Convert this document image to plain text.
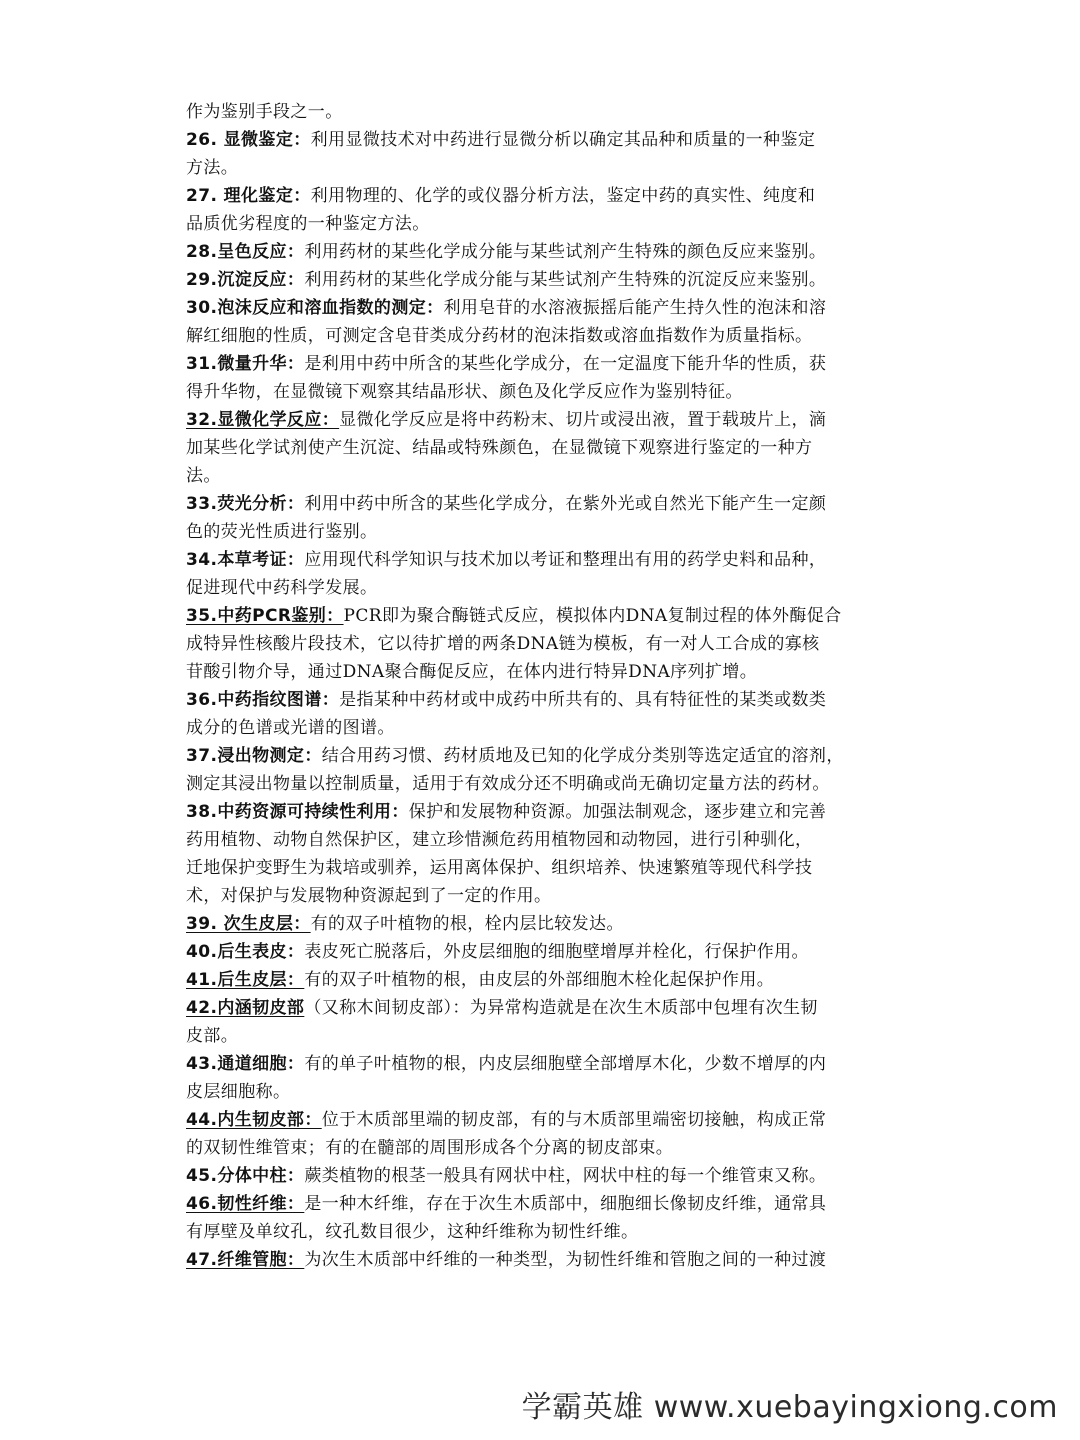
作为鉴别手段之一。
26. 显微鉴定：利用显微技术对中药进行显微分析以确定其品种和质量的一种鉴定
方法。
27. 理化鉴定：利用物理的、化学的或仪器分析方法，鉴定中药的真实性、纯度和
品质优劣程度的一种鉴定方法。
28.呈色反应：利用药材的某些化学成分能与某些试剂产生特殊的颜色反应来鉴别。
29.沉淀反应：利用药材的某些化学成分能与某些试剂产生特殊的沉淀反应来鉴别。
30.泡沫反应和溶血指数的测定：利用皂苷的水溶液振摇后能产生持久性的泡沫和溶
解红细胞的性质，可测定含皂苷类成分药材的泡沫指数或溶血指数作为质量指标。
31.微量升华：是利用中药中所含的某些化学成分，在一定温度下能升华的性质，获
得升华物，在显微镜下观察其结晶形状、颜色及化学反应作为鉴别特征。
32.显微化学反应：显微化学反应是将中药粉末、切片或浸出液，置于载玻片上，滴
加某些化学试剂使产生沉淀、结晶或特殊颜色，在显微镜下观察进行鉴定的一种方
法。
33.荧光分析：利用中药中所含的某些化学成分，在紫外光或自然光下能产生一定颜
色的荧光性质进行鉴别。
34.本草考证：应用现代科学知识与技术加以考证和整理出有用的药学史料和品种，
促进现代中药科学发展。
35.中药PCR鉴别：PCR即为聚合酶链式反应，模拟体内DNA复制过程的体外酶促合
成特异性核酸片段技术，它以待扩增的两条DNA链为模板，有一对人工合成的寡核
苷酸引物介导，通过DNA聚合酶促反应，在体内进行特异DNA序列扩增。
36.中药指纹图谱：是指某种中药材或中成药中所共有的、具有特征性的某类或数类
成分的色谱或光谱的图谱。
37.浸出物测定：结合用药习惯、药材质地及已知的化学成分类别等选定适宜的溶剂，
测定其浸出物量以控制质量，适用于有效成分还不明确或尚无确切定量方法的药材。
38.中药资源可持续性利用：保护和发展物种资源。加强法制观念，逐步建立和完善
药用植物、动物自然保护区，建立珍惜濒危药用植物园和动物园，进行引种驯化，
迁地保护变野生为栽培或驯养，运用离体保护、组织培养、快速繁殖等现代科学技
术，对保护与发展物种资源起到了一定的作用。
39. 次生皮层：有的双子叶植物的根，栓内层比较发达。
40.后生表皮：表皮死亡脱落后，外皮层细胞的细胞壁增厚并栓化，行保护作用。
41.后生皮层：有的双子叶植物的根，由皮层的外部细胞木栓化起保护作用。
42.内涵韧皮部（又称木间韧皮部）：为异常构造就是在次生木质部中包埋有次生韧
皮部。
43.通道细胞：有的单子叶植物的根，内皮层细胞壁全部增厚木化，少数不增厚的内
皮层细胞称。
44.内生韧皮部：位于木质部里端的韧皮部，有的与木质部里端密切接触，构成正常
的双韧性维管束；有的在髓部的周围形成各个分离的韧皮部束。
45.分体中柱：蕨类植物的根茎一般具有网状中柱，网状中柱的每一个维管束又称。
46.韧性纤维：是一种木纤维，存在于次生木质部中，细胞细长像韧皮纤维，通常具
有厚壁及单纹孔，纹孔数目很少，这种纤维称为韧性纤维。
47.纤维管胞：为次生木质部中纤维的一种类型，为韧性纤维和管胞之间的一种过渡
学霸英雄 www.xuebayingxiong.com
